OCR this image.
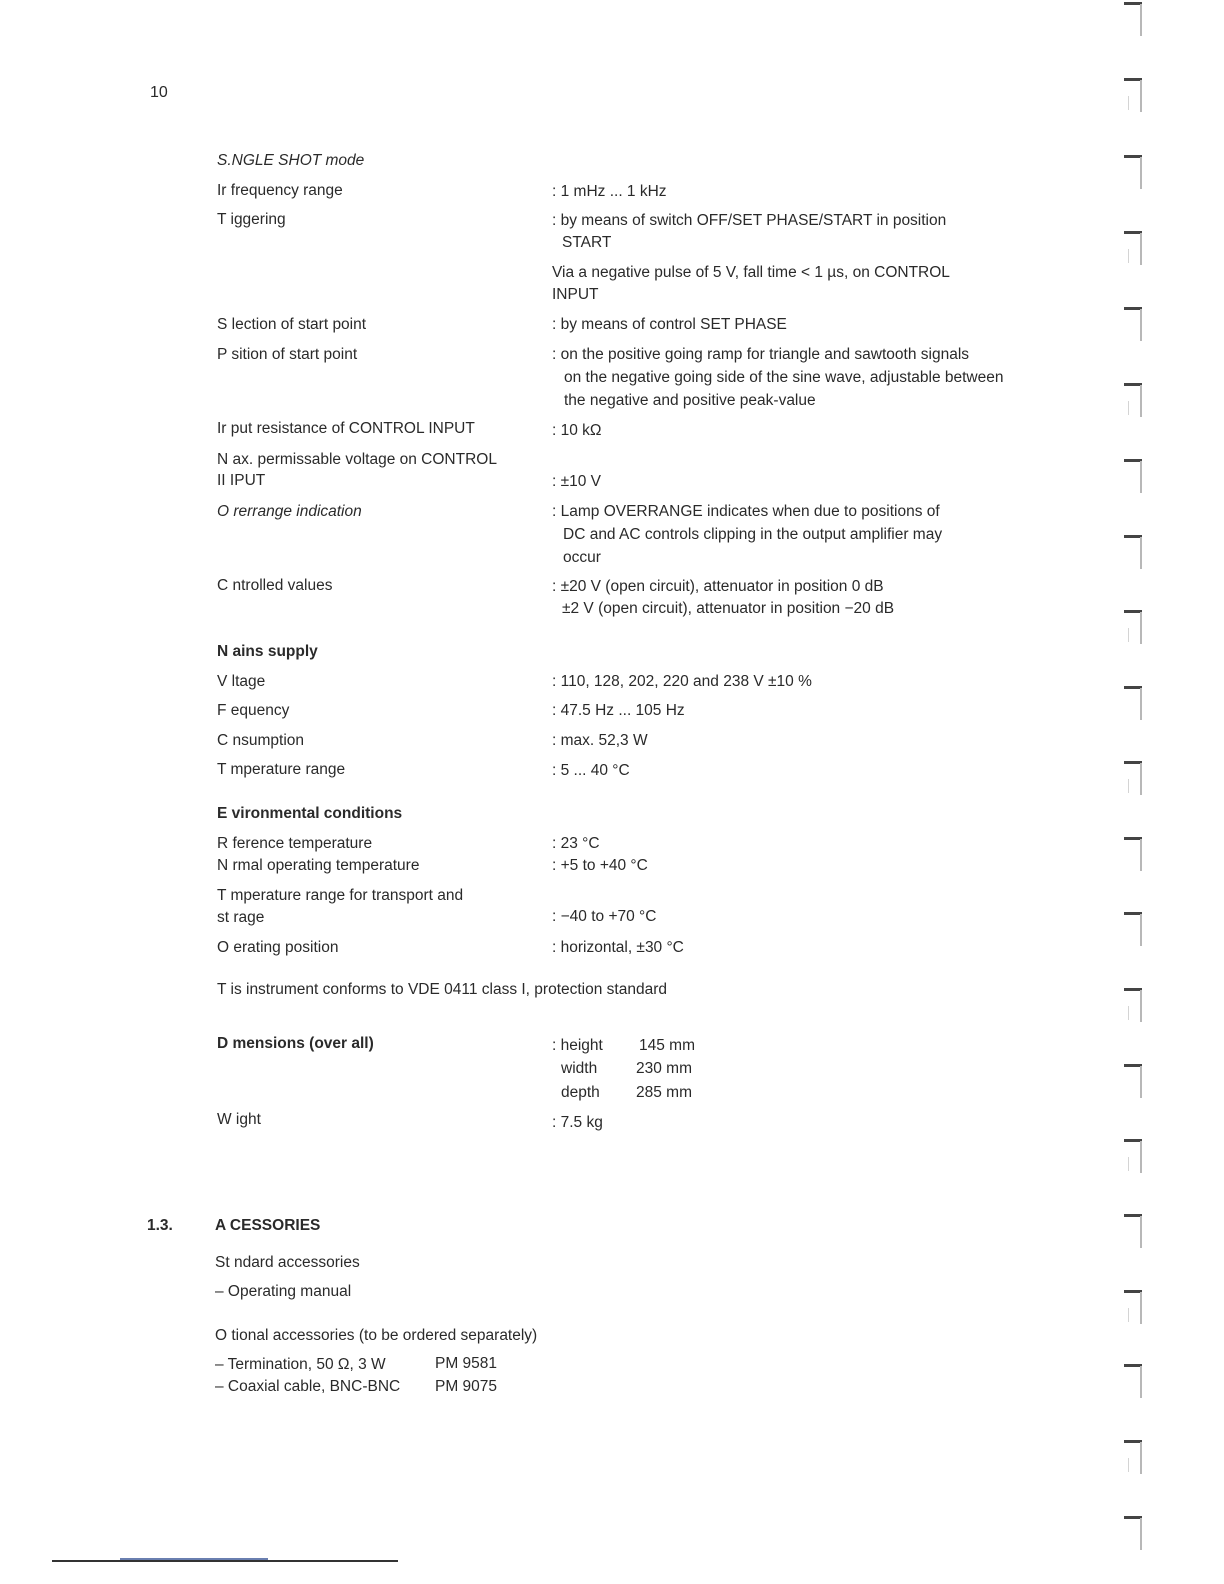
10
S.NGLE SHOT mode
Ir frequency range	: 1 mHz ... 1 kHz
T iggering	: by means of switch OFF/SET PHASE/START in position
START
Via a negative pulse of 5 V, fall time < 1 µs, on CONTROL
INPUT
S lection of start point	: by means of control SET PHASE
P sition of start point	: on the positive going ramp for triangle and sawtooth signals
on the negative going side of the sine wave, adjustable between
the negative and positive peak-value
Ir put resistance of CONTROL INPUT	: 10 kΩ
N ax. permissable voltage on CONTROL
II IPUT	: ±10 V
O rerrange indication	: Lamp OVERRANGE indicates when due to positions of
DC and AC controls clipping in the output amplifier may
occur
C ntrolled values	: ±20 V (open circuit), attenuator in position 0 dB
±2 V (open circuit), attenuator in position −20 dB
N ains supply
V ltage	: 110, 128, 202, 220 and 238 V ±10 %
F equency	: 47.5 Hz ... 105 Hz
C nsumption	: max. 52,3 W
T mperature range	: 5 ... 40 °C
E vironmental conditions
R ference temperature	: 23 °C
N rmal operating temperature	: +5 to +40 °C
T mperature range for transport and
st rage	: −40 to +70 °C
O erating position	: horizontal, ±30 °C
T is instrument conforms to VDE 0411 class I, protection standard
D mensions (over all)	: height 145 mm
width	230 mm
depth 285 mm
W ight	: 7.5 kg
1.3.	A CESSORIES
St ndard accessories
– Operating manual
O tional accessories (to be ordered separately)
– Termination, 50 Ω, 3 W	PM 9581
– Coaxial cable, BNC-BNC PM 9075
